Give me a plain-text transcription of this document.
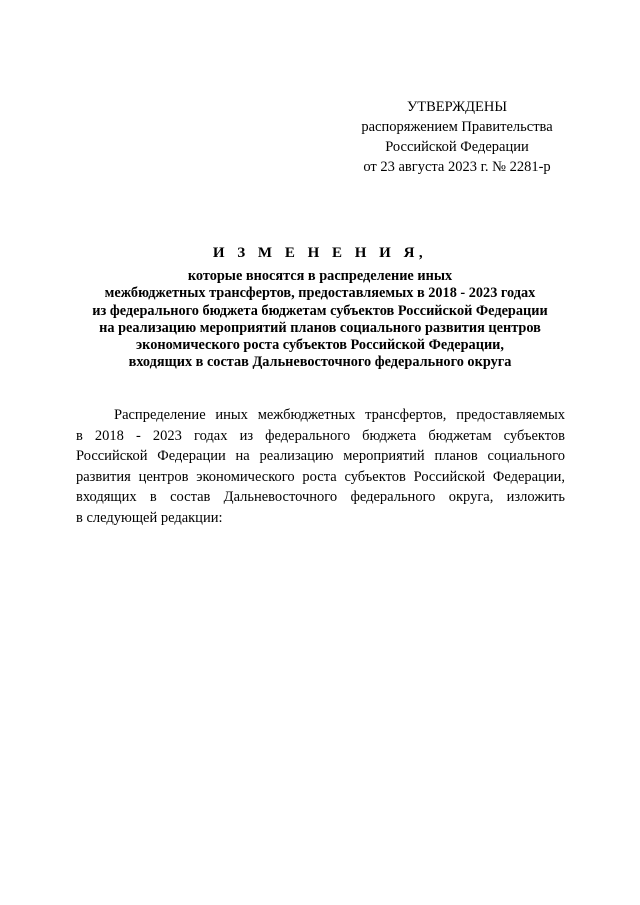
УТВЕРЖДЕНЫ
распоряжением Правительства
Российской Федерации
от 23 августа 2023 г. № 2281-р
И З М Е Н Е Н И Я,
которые вносятся в распределение иных
межбюджетных трансфертов, предоставляемых в 2018 - 2023 годах
из федерального бюджета бюджетам субъектов Российской Федерации
на реализацию мероприятий планов социального развития центров
экономического роста субъектов Российской Федерации,
входящих в состав Дальневосточного федерального округа
Распределение иных межбюджетных трансфертов, предоставляемых
в 2018 - 2023 годах из федерального бюджета бюджетам субъектов
Российской Федерации на реализацию мероприятий планов социального
развития центров экономического роста субъектов Российской Федерации,
входящих в состав Дальневосточного федерального округа, изложить
в следующей редакции:
